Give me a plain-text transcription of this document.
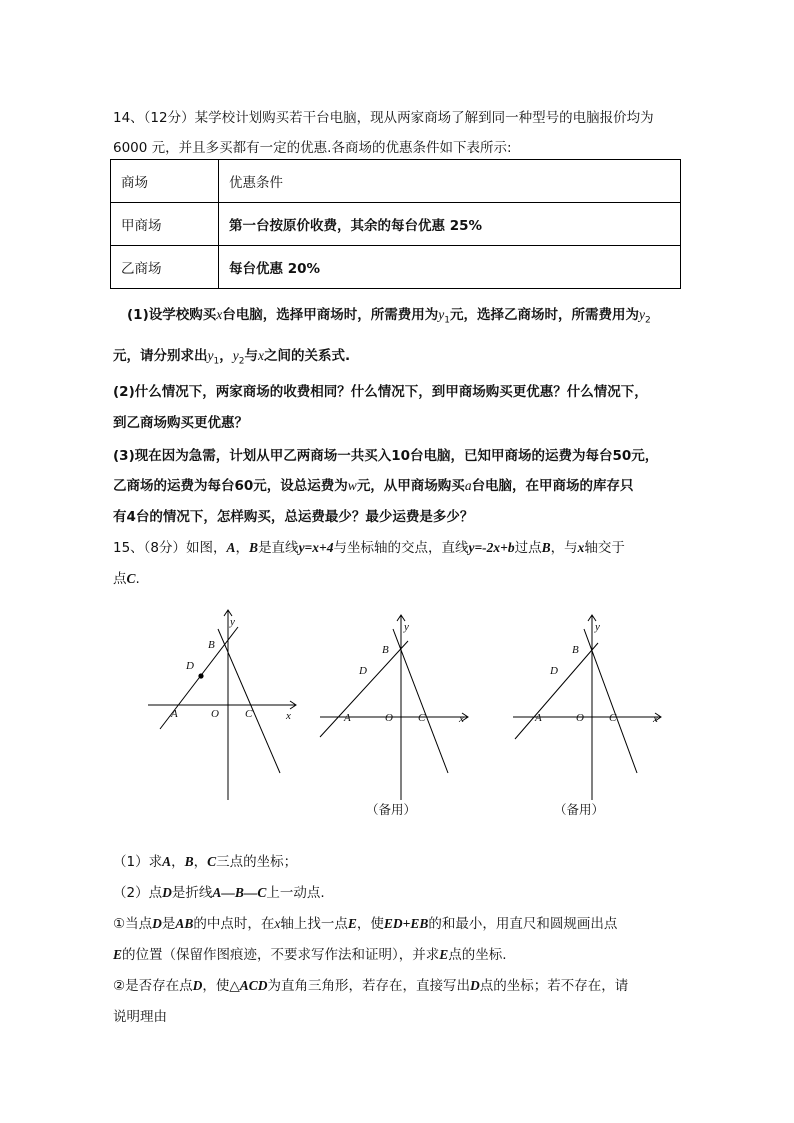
14、（12分）某学校计划购买若干台电脑，现从两家商场了解到同一种型号的电脑报价均为
6000 元，并且多买都有一定的优惠.各商场的优惠条件如下表所示:
商场	优惠条件
甲商场	第一台按原价收费，其余的每台优惠 25%
乙商场	每台优惠 20%
(1)设学校购买x台电脑，选择甲商场时，所需费用为$y_1$元，选择乙商场时，所需费用为$y_2$
元，请分别求出$y_1$，$y_2$与x之间的关系式.
(2)什么情况下，两家商场的收费相同？什么情况下，到甲商场购买更优惠？什么情况下，
到乙商场购买更优惠？
(3)现在因为急需，计划从甲乙两商场一共买入10台电脑，已知甲商场的运费为每台50元，
乙商场的运费为每台60元，设总运费为w元，从甲商场购买a台电脑，在甲商场的库存只
有4台的情况下，怎样购买，总运费最少？最少运费是多少？
15、（8分）如图，A，B是直线y=x+4与坐标轴的交点，直线y=-2x+b过点B，与x轴交于
点C.
y
B
D
A	O C	x
y
B
D
A	O C	x
（备用）
y
B
D
A	O C	x
（备用）
（1）求A，B，C三点的坐标；
（2）点D是折线A—B—C上一动点.
①当点D是AB的中点时，在x轴上找一点E，使ED+EB的和最小，用直尺和圆规画出点
E的位置（保留作图痕迹，不要求写作法和证明），并求E点的坐标.
②是否存在点D，使△ACD为直角三角形，若存在，直接写出D点的坐标；若不存在，请
说明理由
